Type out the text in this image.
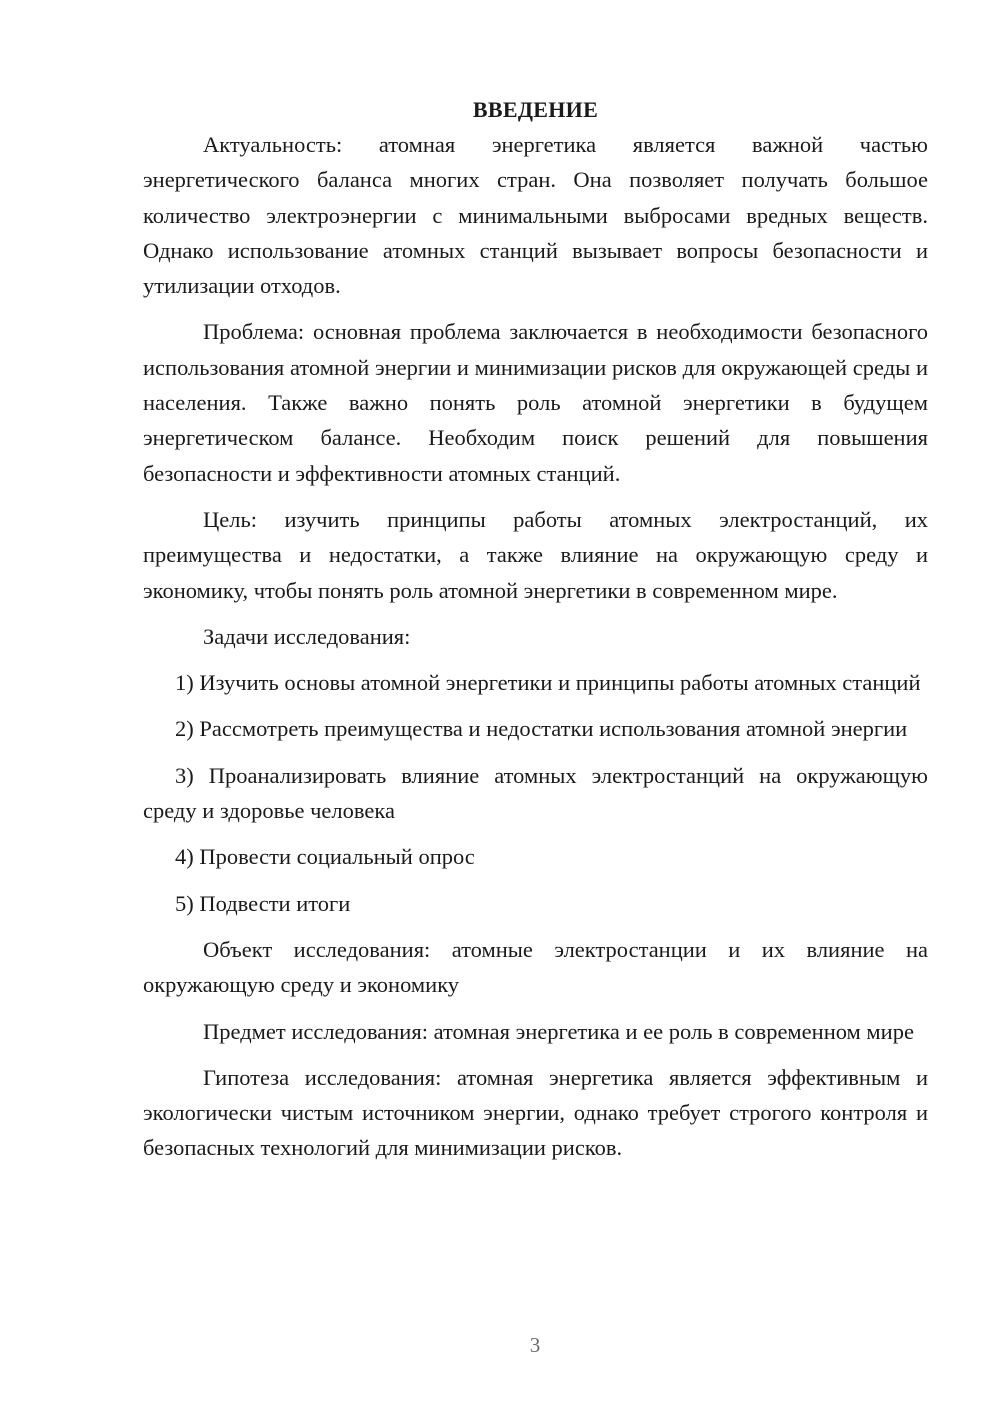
ВВЕДЕНИЕ

Актуальность: атомная энергетика является важной частью энергетического баланса многих стран. Она позволяет получать большое количество электроэнергии с минимальными выбросами вредных веществ. Однако использование атомных станций вызывает вопросы безопасности и утилизации отходов.

Проблема: основная проблема заключается в необходимости безопасного использования атомной энергии и минимизации рисков для окружающей среды и населения. Также важно понять роль атомной энергетики в будущем энергетическом балансе. Необходим поиск решений для повышения безопасности и эффективности атомных станций.

Цель: изучить принципы работы атомных электростанций, их преимущества и недостатки, а также влияние на окружающую среду и экономику, чтобы понять роль атомной энергетики в современном мире.

Задачи исследования:

1) Изучить основы атомной энергетики и принципы работы атомных станций

2) Рассмотреть преимущества и недостатки использования атомной энергии

3) Проанализировать влияние атомных электростанций на окружающую среду и здоровье человека

4) Провести социальный опрос

5) Подвести итоги

Объект исследования: атомные электростанции и их влияние на окружающую среду и экономику

Предмет исследования: атомная энергетика и ее роль в современном мире

Гипотеза исследования: атомная энергетика является эффективным и экологически чистым источником энергии, однако требует строгого контроля и безопасных технологий для минимизации рисков.

3
